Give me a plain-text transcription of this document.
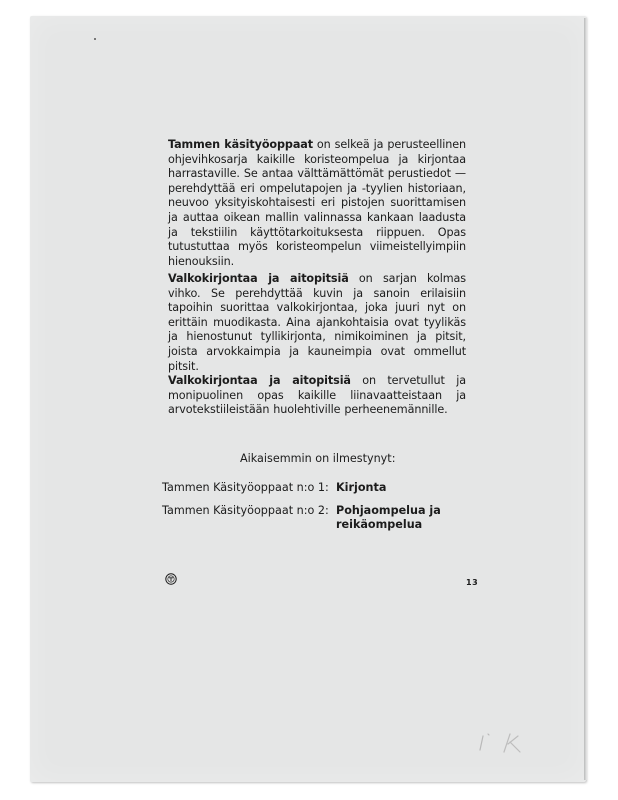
Tammen käsityöoppaat on selkeä ja perusteellinen ohjevihkosarja kaikille koristeompelua ja kirjontaa harrastaville. Se antaa välttämättömät perustiedot — perehdyttää eri ompelutapojen ja -tyylien historiaan, neuvoo yksityiskohtaisesti eri pistojen suorittamisen ja auttaa oikean mallin valinnassa kankaan laadusta ja tekstiilin käyttötarkoituksesta riippuen. Opas tutustuttaa myös koristeompelun viimeistellyimpiin hienouksiin.

Valkokirjontaa ja aitopitsiä on sarjan kolmas vihko. Se perehdyttää kuvin ja sanoin erilaisiin tapoihin suorittaa valkokirjontaa, joka juuri nyt on erittäin muodikasta. Aina ajankohtaisia ovat tyylikäs ja hienostunut tyllikirjonta, nimikoiminen ja pitsit, joista arvokkaimpia ja kauneimpia ovat ommellut pitsit.

Valkokirjontaa ja aitopitsiä on tervetullut ja monipuolinen opas kaikille liinavaatteistaan ja arvotekstiileistään huolehtiville perheenemännille.

Aikaisemmin on ilmestynyt:
Tammen Käsityöoppaat n:o 1: Kirjonta
Tammen Käsityöoppaat n:o 2: Pohjaompelua ja reikäompelua
13
